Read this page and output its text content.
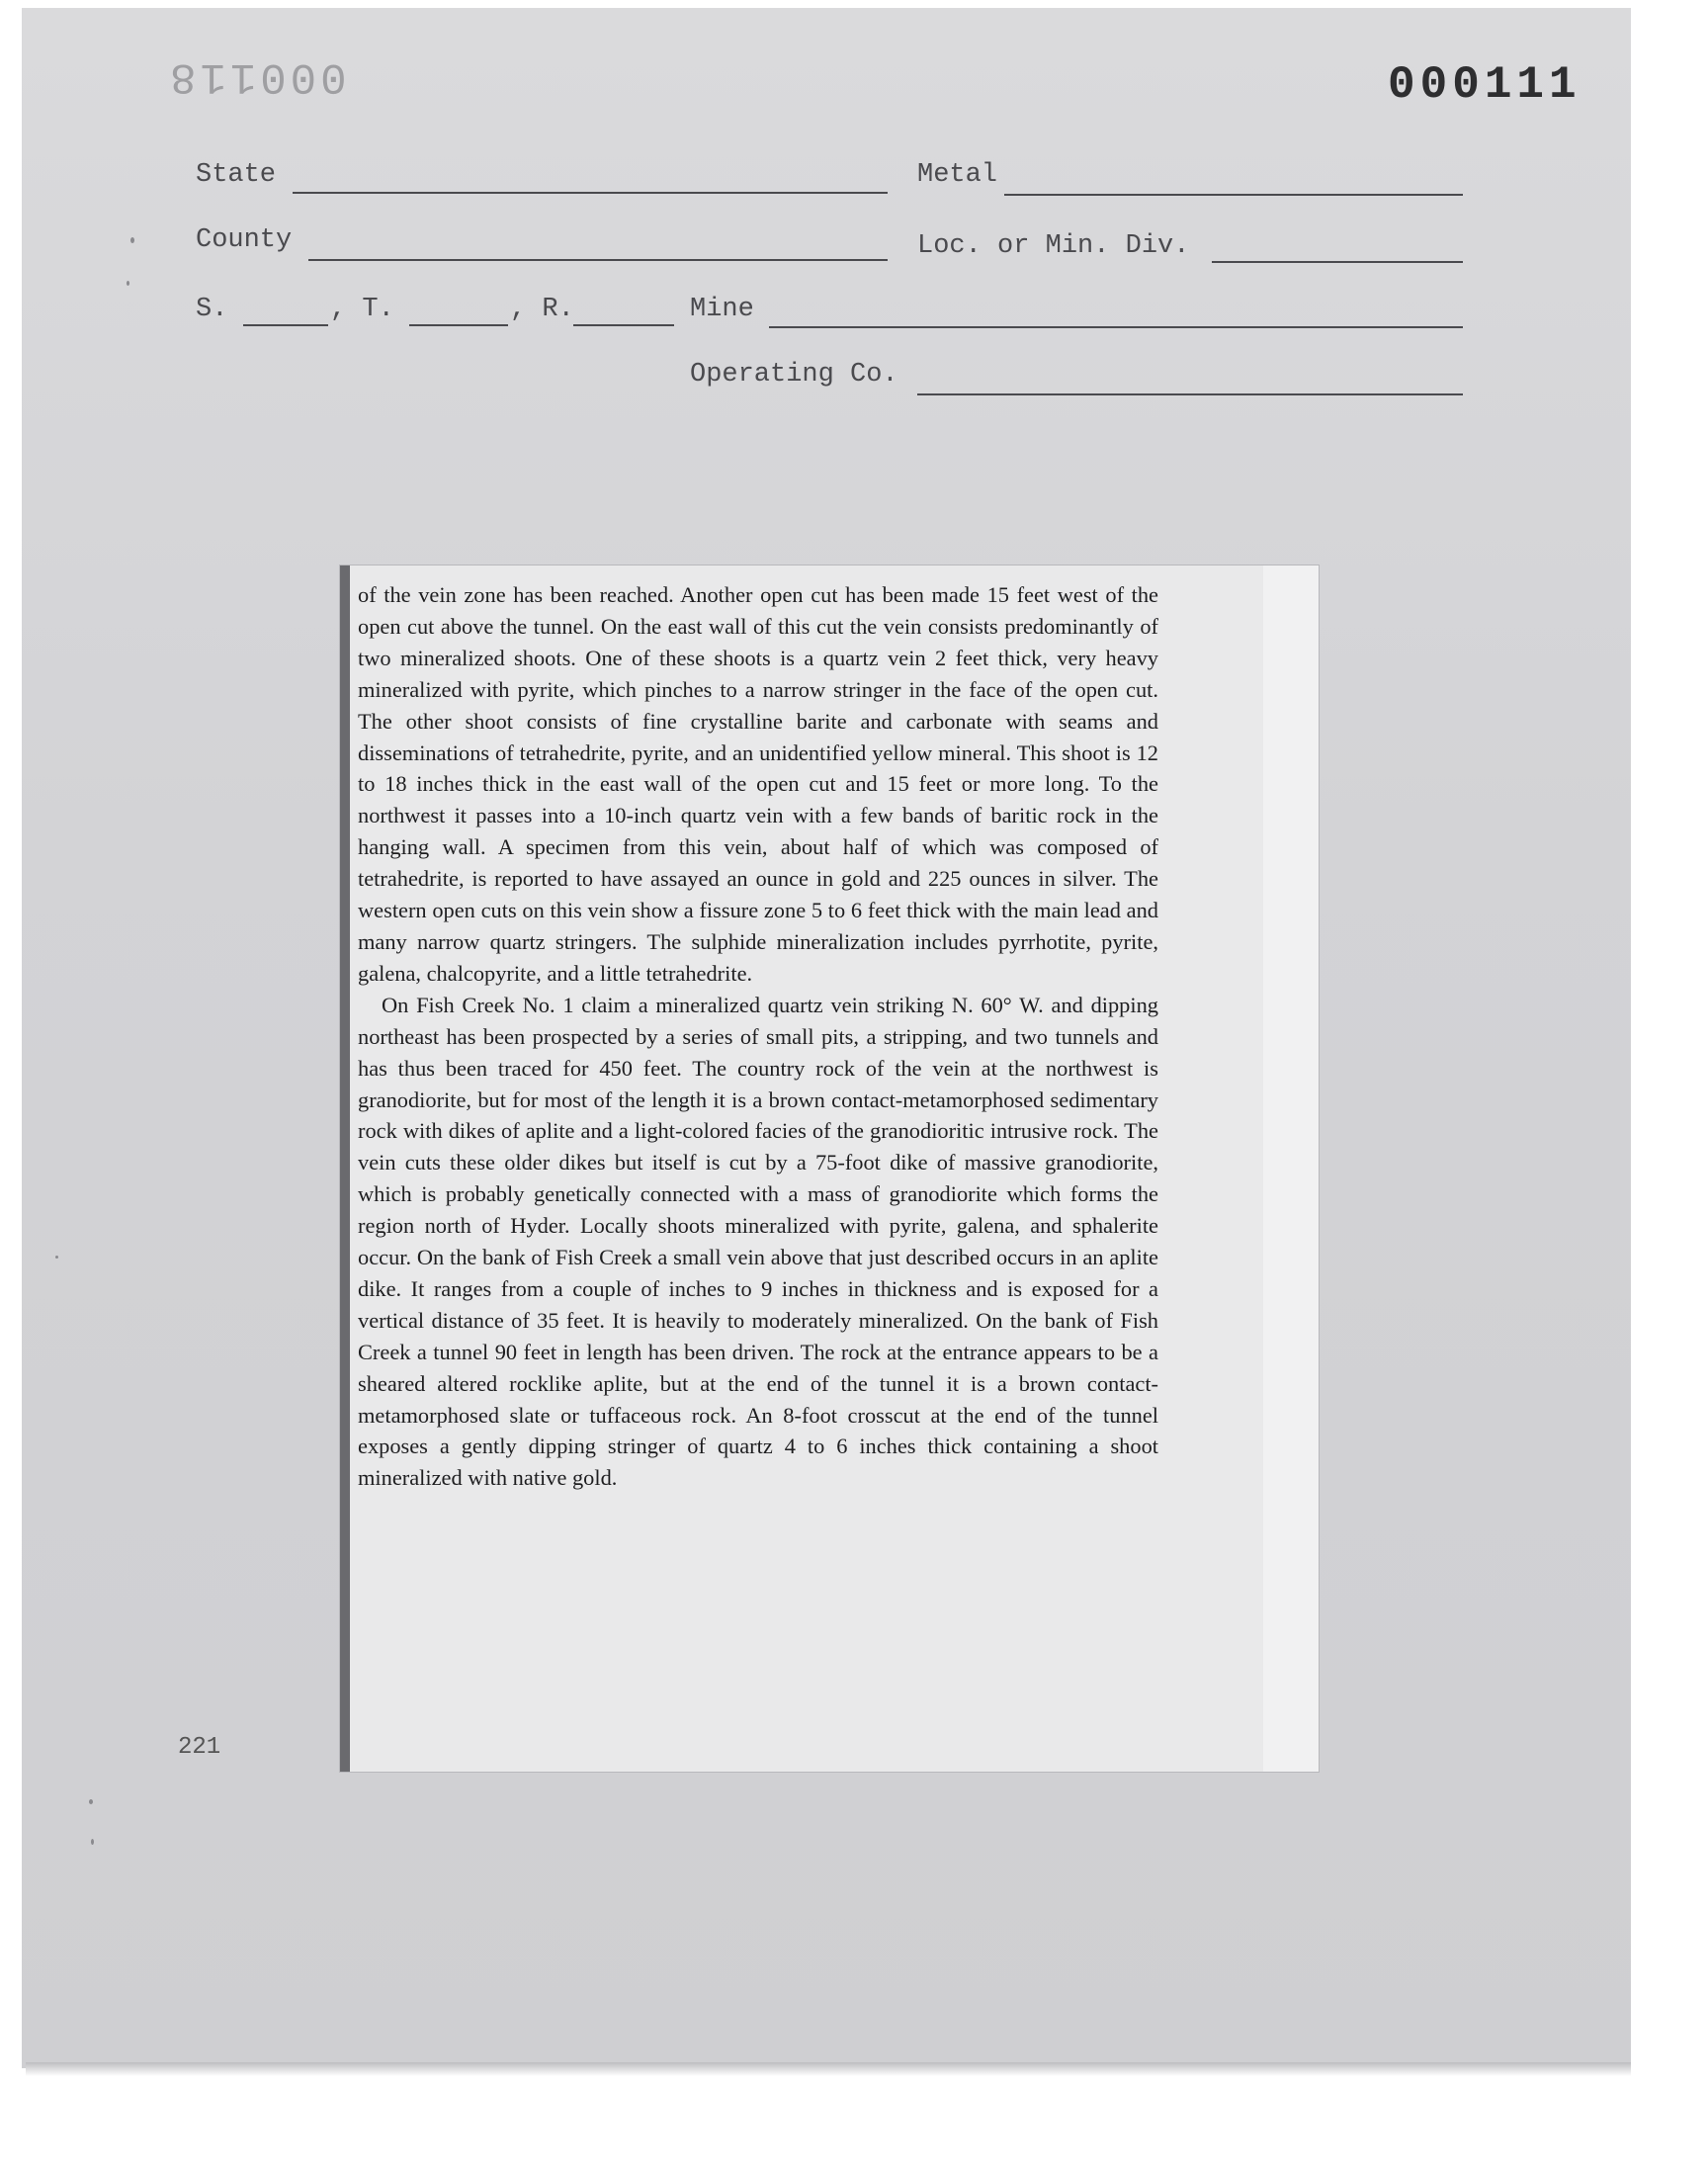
000118	000111
State	Metal
County	Loc. or Min. Div.
S.	, T.	, R.	Mine
Operating Co.
221

of the vein zone has been reached. Another open cut has been made 15 feet west of the open cut above the tunnel. On the east wall of this cut the vein consists predominantly of two mineralized shoots. One of these shoots is a quartz vein 2 feet thick, very heavy mineralized with pyrite, which pinches to a narrow stringer in the face of the open cut. The other shoot consists of fine crystalline barite and carbonate with seams and disseminations of tetrahedrite, pyrite, and an unidentified yellow mineral. This shoot is 12 to 18 inches thick in the east wall of the open cut and 15 feet or more long. To the northwest it passes into a 10-inch quartz vein with a few bands of baritic rock in the hanging wall. A specimen from this vein, about half of which was composed of tetrahedrite, is reported to have assayed an ounce in gold and 225 ounces in silver. The western open cuts on this vein show a fissure zone 5 to 6 feet thick with the main lead and many narrow quartz stringers. The sulphide mineralization includes pyrrhotite, pyrite, galena, chalcopyrite, and a little tetrahedrite.

On Fish Creek No. 1 claim a mineralized quartz vein striking N. 60° W. and dipping northeast has been prospected by a series of small pits, a stripping, and two tunnels and has thus been traced for 450 feet. The country rock of the vein at the northwest is granodiorite, but for most of the length it is a brown contact-metamorphosed sedimentary rock with dikes of aplite and a light-colored facies of the granodioritic intrusive rock. The vein cuts these older dikes but itself is cut by a 75-foot dike of massive granodiorite, which is probably genetically connected with a mass of granodiorite which forms the region north of Hyder. Locally shoots mineralized with pyrite, galena, and sphalerite occur. On the bank of Fish Creek a small vein above that just described occurs in an aplite dike. It ranges from a couple of inches to 9 inches in thickness and is exposed for a vertical distance of 35 feet. It is heavily to moderately mineralized. On the bank of Fish Creek a tunnel 90 feet in length has been driven. The rock at the entrance appears to be a sheared altered rocklike aplite, but at the end of the tunnel it is a brown contact-metamorphosed slate or tuffaceous rock. An 8-foot crosscut at the end of the tunnel exposes a gently dipping stringer of quartz 4 to 6 inches thick containing a shoot mineralized with native gold.
